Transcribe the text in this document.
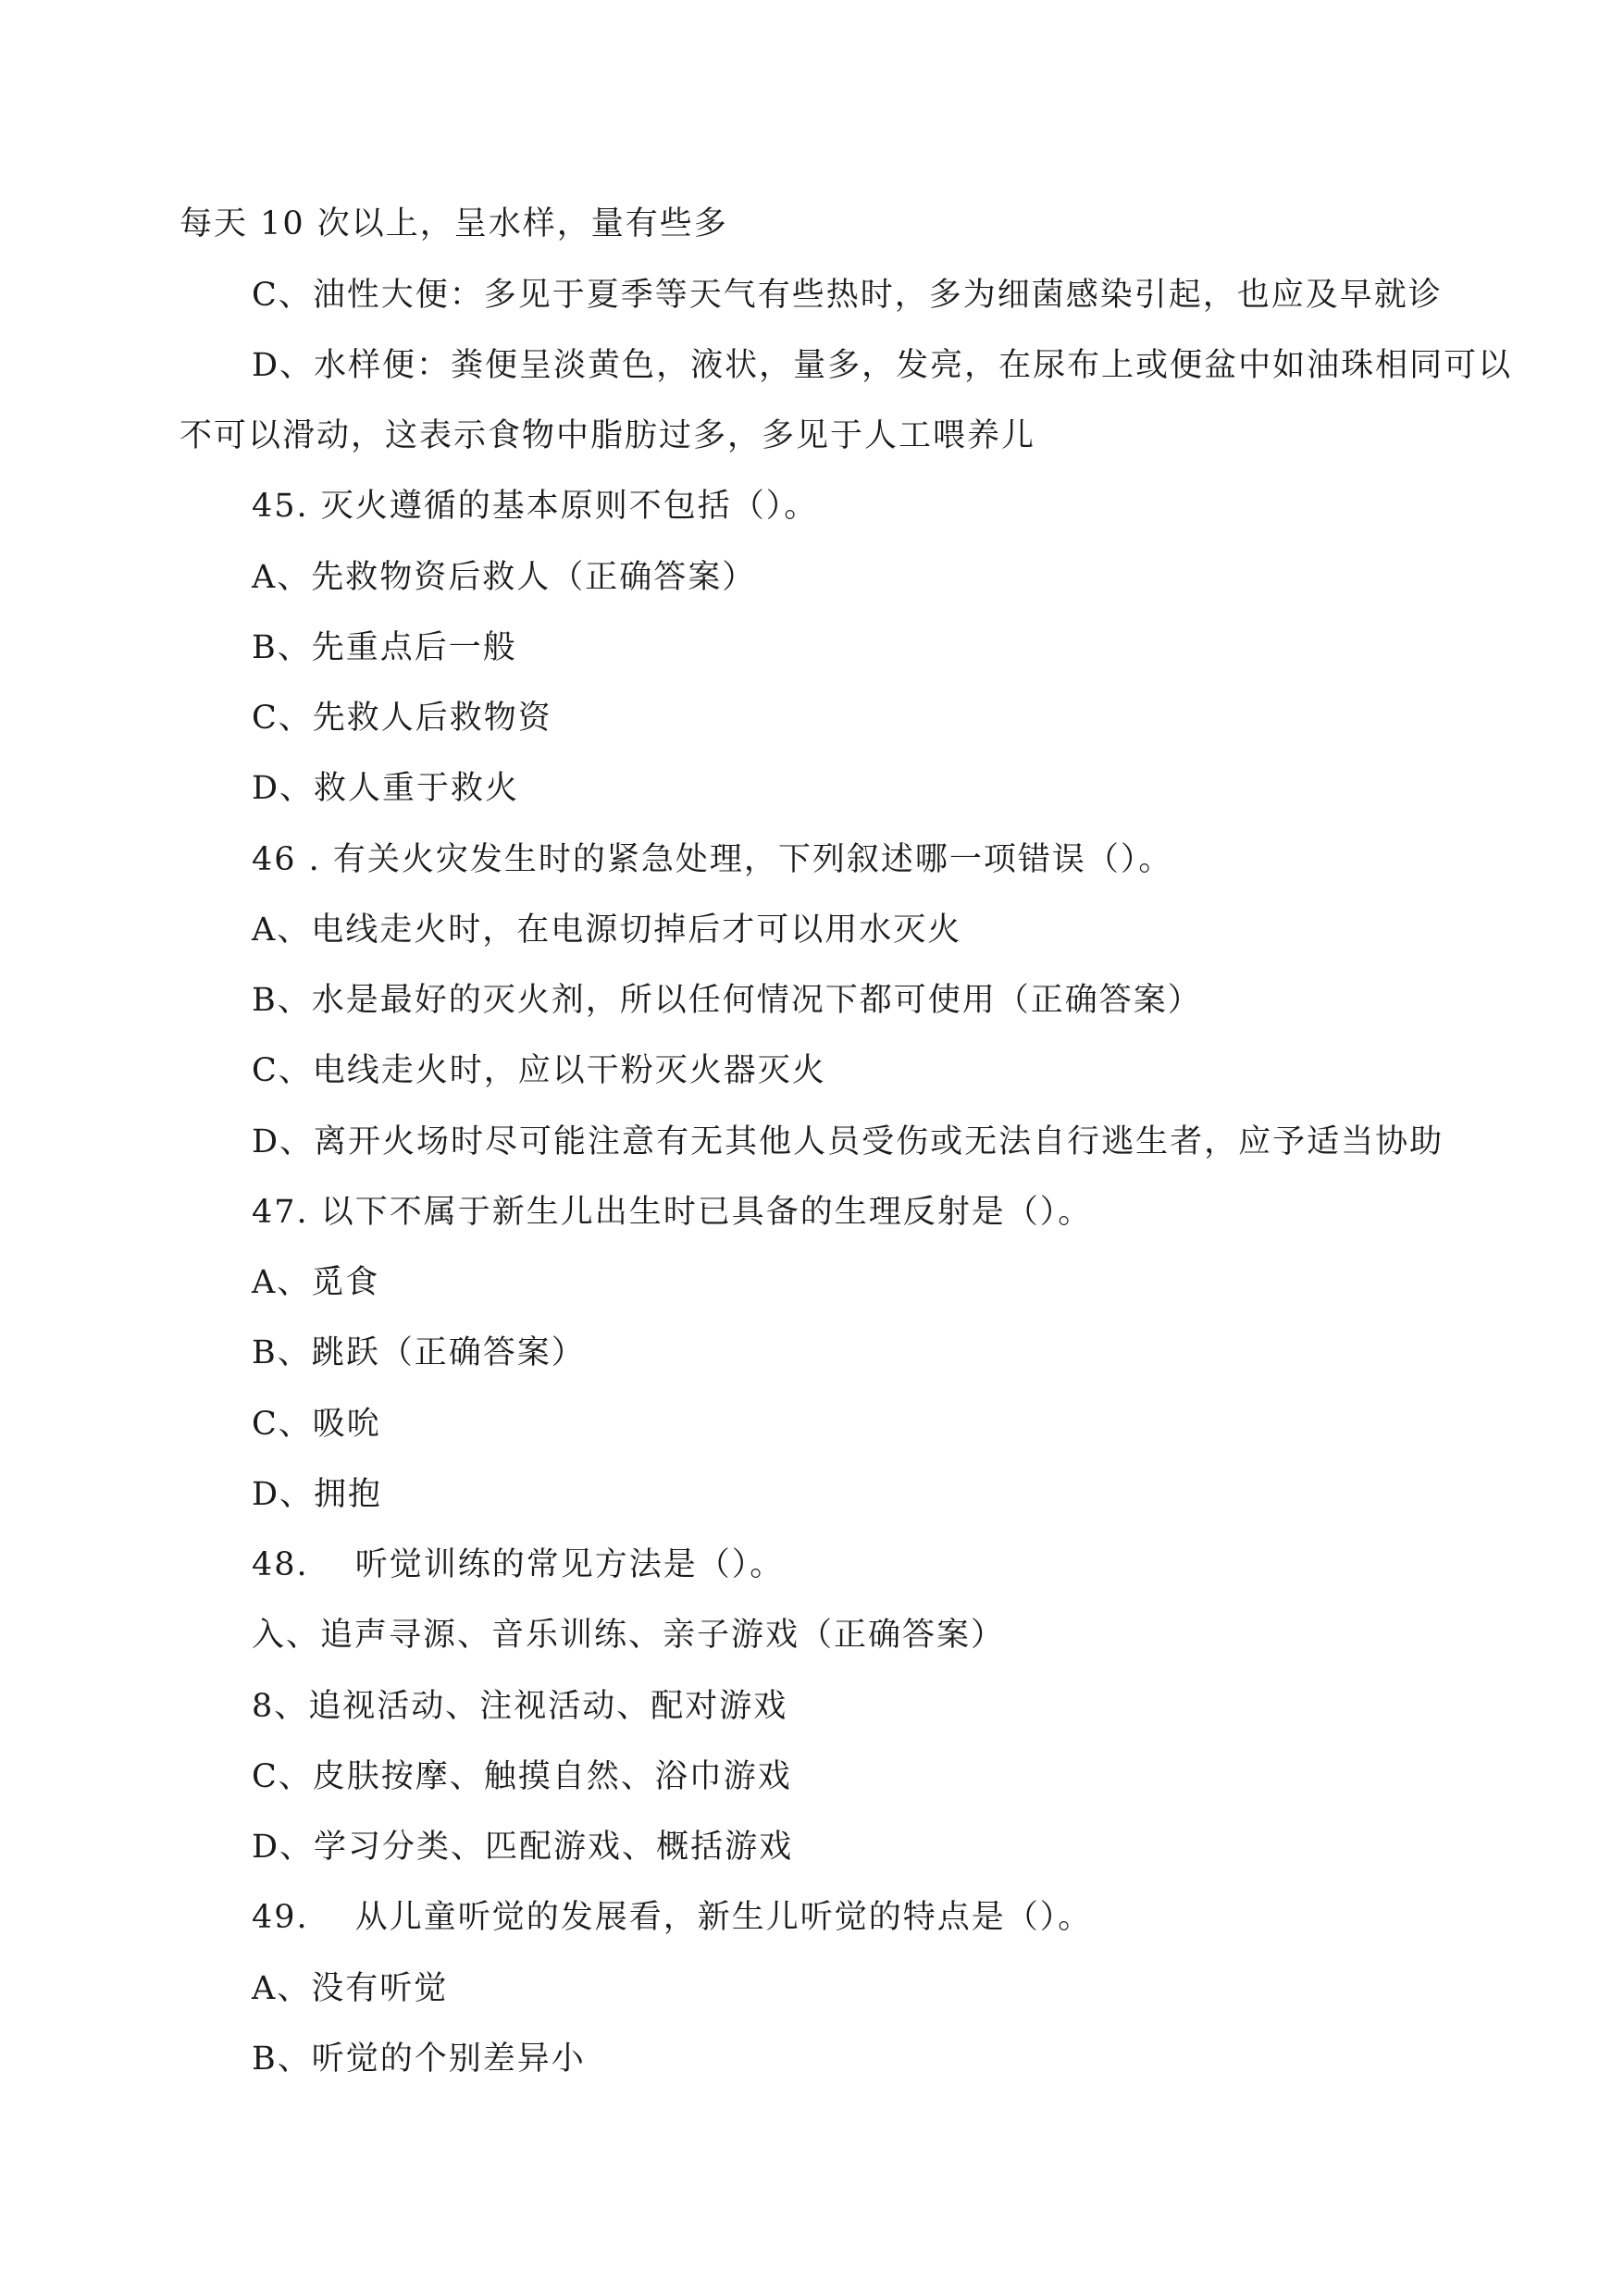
每天 10 次以上，呈水样，量有些多
C、油性大便：多见于夏季等天气有些热时，多为细菌感染引起，也应及早就诊
D、水样便：粪便呈淡黄色，液状，量多，发亮，在尿布上或便盆中如油珠相同可以
不可以滑动，这表示食物中脂肪过多，多见于人工喂养儿
45. 灭火遵循的基本原则不包括（）。
A、先救物资后救人（正确答案）
B、先重点后一般
C、先救人后救物资
D、救人重于救火
46 . 有关火灾发生时的紧急处理，下列叙述哪一项错误（）。
A、电线走火时，在电源切掉后才可以用水灭火
B、水是最好的灭火剂，所以任何情况下都可使用（正确答案）
C、电线走火时，应以干粉灭火器灭火
D、离开火场时尽可能注意有无其他人员受伤或无法自行逃生者，应予适当协助
47. 以下不属于新生儿出生时已具备的生理反射是（）。
A、觅食
B、跳跃（正确答案）
C、吸吮
D、拥抱
48.　 听觉训练的常见方法是（）。
入、追声寻源、音乐训练、亲子游戏（正确答案）
8、追视活动、注视活动、配对游戏
C、皮肤按摩、触摸自然、浴巾游戏
D、学习分类、匹配游戏、概括游戏
49.　 从儿童听觉的发展看，新生儿听觉的特点是（）。
A、没有听觉
B、听觉的个别差异小
